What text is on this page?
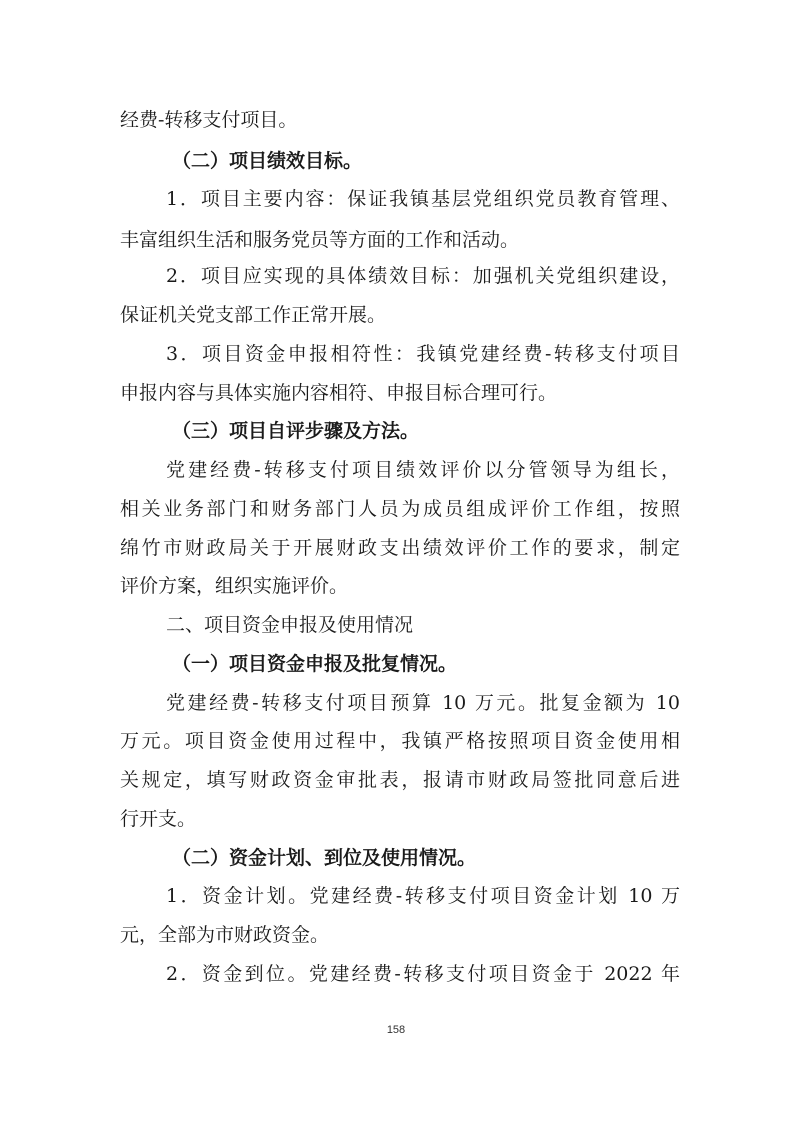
经费-转移支付项目。

（二）项目绩效目标。

1．项目主要内容：保证我镇基层党组织党员教育管理、

丰富组织生活和服务党员等方面的工作和活动。

2．项目应实现的具体绩效目标：加强机关党组织建设，

保证机关党支部工作正常开展。

3．项目资金申报相符性：我镇党建经费-转移支付项目

申报内容与具体实施内容相符、申报目标合理可行。

（三）项目自评步骤及方法。

党建经费-转移支付项目绩效评价以分管领导为组长，

相关业务部门和财务部门人员为成员组成评价工作组，按照

绵竹市财政局关于开展财政支出绩效评价工作的要求，制定

评价方案，组织实施评价。

二、项目资金申报及使用情况

（一）项目资金申报及批复情况。

党建经费-转移支付项目预算 10 万元。批复金额为 10

万元。项目资金使用过程中，我镇严格按照项目资金使用相

关规定，填写财政资金审批表，报请市财政局签批同意后进

行开支。

（二）资金计划、到位及使用情况。

1．资金计划。党建经费-转移支付项目资金计划 10 万

元，全部为市财政资金。

2．资金到位。党建经费-转移支付项目资金于 2022 年

158
